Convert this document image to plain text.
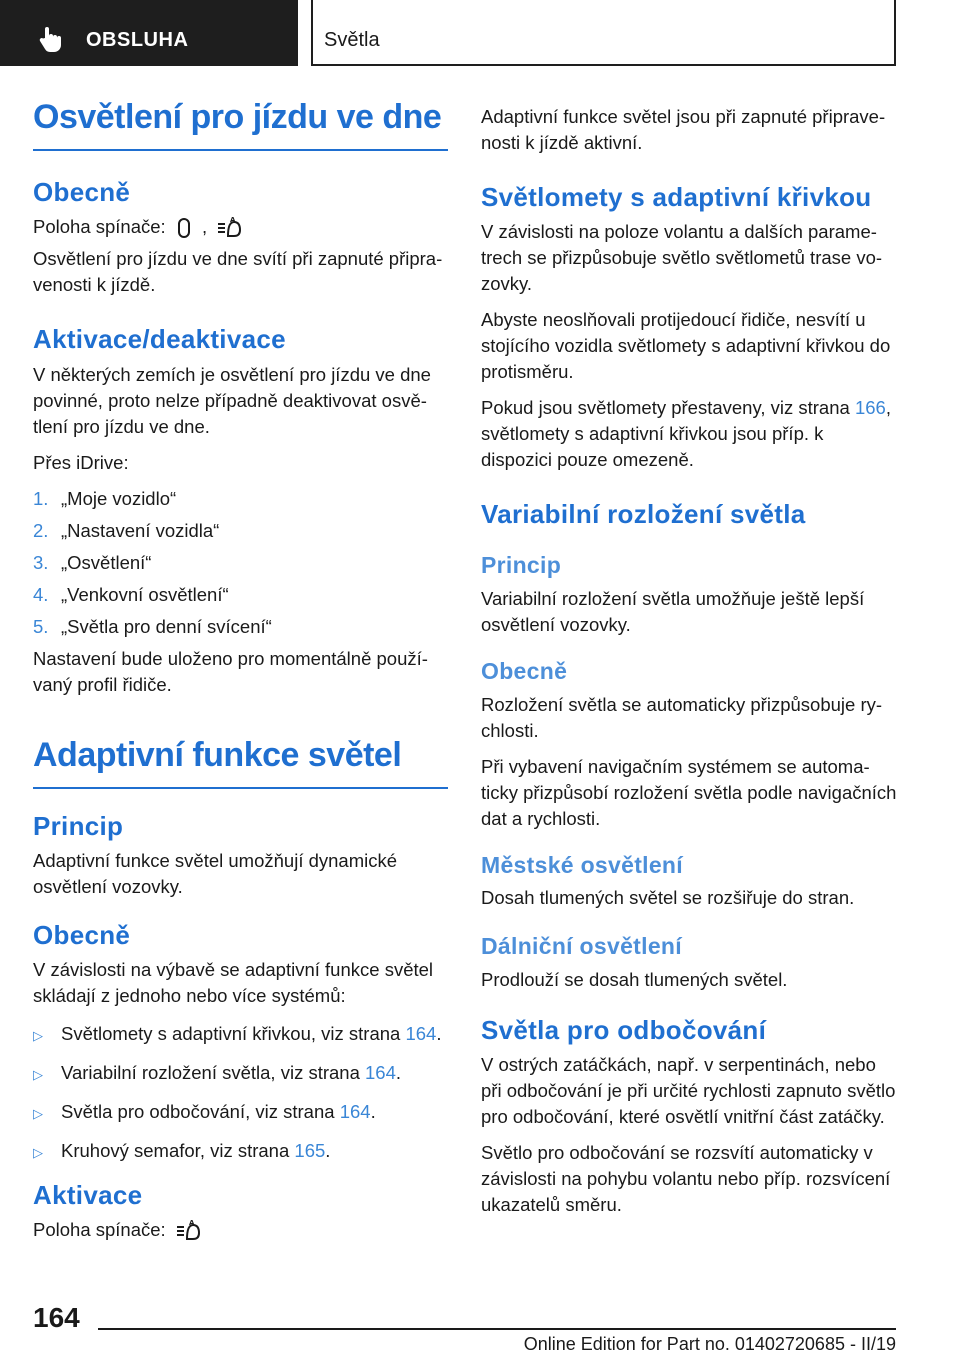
OBSLUHA	Světla
Osvětlení pro jízdu ve dne
Obecně

Poloha spínače: ,	A

Osvětlení pro jízdu ve dne svítí při zapnuté připravenosti k jízdě.

Aktivace/deaktivace

V některých zemích je osvětlení pro jízdu ve dne povinné, proto nelze případně deaktivovat osvětlení pro jízdu ve dne.

Přes iDrive:

1. „Moje vozidlo“
2. „Nastavení vozidla“
3. „Osvětlení“
4. „Venkovní osvětlení“
5. „Světla pro denní svícení“

Nastavení bude uloženo pro momentálně používaný profil řidiče.

Adaptivní funkce světel
Princip

Adaptivní funkce světel umožňují dynamické osvětlení vozovky.

Obecně

V závislosti na výbavě se adaptivní funkce světel skládají z jednoho nebo více systémů:

▷ Světlomety s adaptivní křivkou, viz strana 164.
▷ Variabilní rozložení světla, viz strana 164.
▷ Světla pro odbočování, viz strana 164.
▷ Kruhový semafor, viz strana 165.
Aktivace

Poloha spínače:	A

Adaptivní funkce světel jsou při zapnuté připravenosti k jízdě aktivní.

Světlomety s adaptivní křivkou

V závislosti na poloze volantu a dalších parametrech se přizpůsobuje světlo světlometů trase vozovky.

Abyste neoslňovali protijedoucí řidiče, nesvítí u stojícího vozidla světlomety s adaptivní křivkou do protisměru.

Pokud jsou světlomety přestaveny, viz strana 166, světlomety s adaptivní křivkou jsou příp. k dispozici pouze omezeně.

Variabilní rozložení světla
Princip

Variabilní rozložení světla umožňuje ještě lepší osvětlení vozovky.

Obecně

Rozložení světla se automaticky přizpůsobuje rychlosti.

Při vybavení navigačním systémem se automaticky přizpůsobí rozložení světla podle navigačních dat a rychlosti.

Městské osvětlení

Dosah tlumených světel se rozšiřuje do stran.

Dálniční osvětlení

Prodlouží se dosah tlumených světel.

Světla pro odbočování

V ostrých zatáčkách, např. v serpentinách, nebo při odbočování je při určité rychlosti zapnuto světlo pro odbočování, které osvětlí vnitřní část zatáčky.

Světlo pro odbočování se rozsvítí automaticky v závislosti na pohybu volantu nebo příp. rozsvícení ukazatelů směru.

164
Online Edition for Part no. 01402720685 - II/19
